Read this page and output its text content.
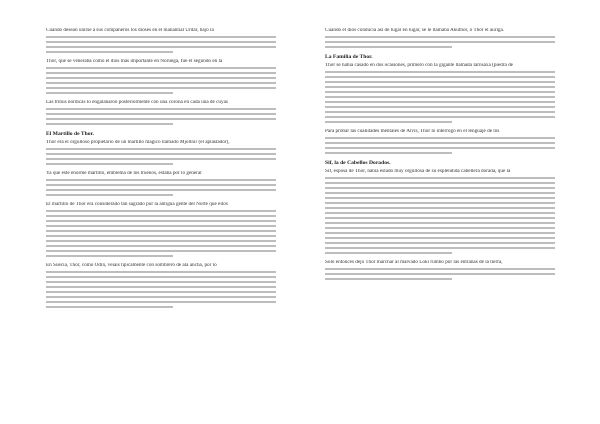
Cuando desean unirse a sus compañeros los dioses en el manantial Urdar, bajo la
Thor, que se veneraba como el dios más importante en Noruega, fue el segundo en la
Las tribus nórdicas lo engalanaron posteriormente con una corona en cada una de cuyas
El Martillo de Thor.
Thor era el orgulloso propietario de un martillo mágico llamado Mjöllnir (el aplastador),
Ya que este enorme martillo, emblema de los truenos, estaba por lo general
El martillo de Thor era considerado tan sagrado por la antigua gente del Norte que ellos
En Suecia, Thor, como Odín, veíais típicamente con sombrero de ala ancha, por lo
Cuando el dios conducía así de lugar en lugar, se le llamaba Akuthor, o Thor el auriga.
La Familia de Thor.
Thor se había casado en dos ocasiones, primero con la gigante llamada Iarnsaxa (piedra de
Para probar las cualidades mentales de Alvis, Thor lo interrogó en el lenguaje de los
Sif, la de Cabellos Dorados.
Sif, esposa de Thor, había estado muy orgullosa de su espléndida cabellera dorada, que la
Sólo entonces dejó Thor marchar al malvado Loki rumbo por las entrañas de la tierra,
